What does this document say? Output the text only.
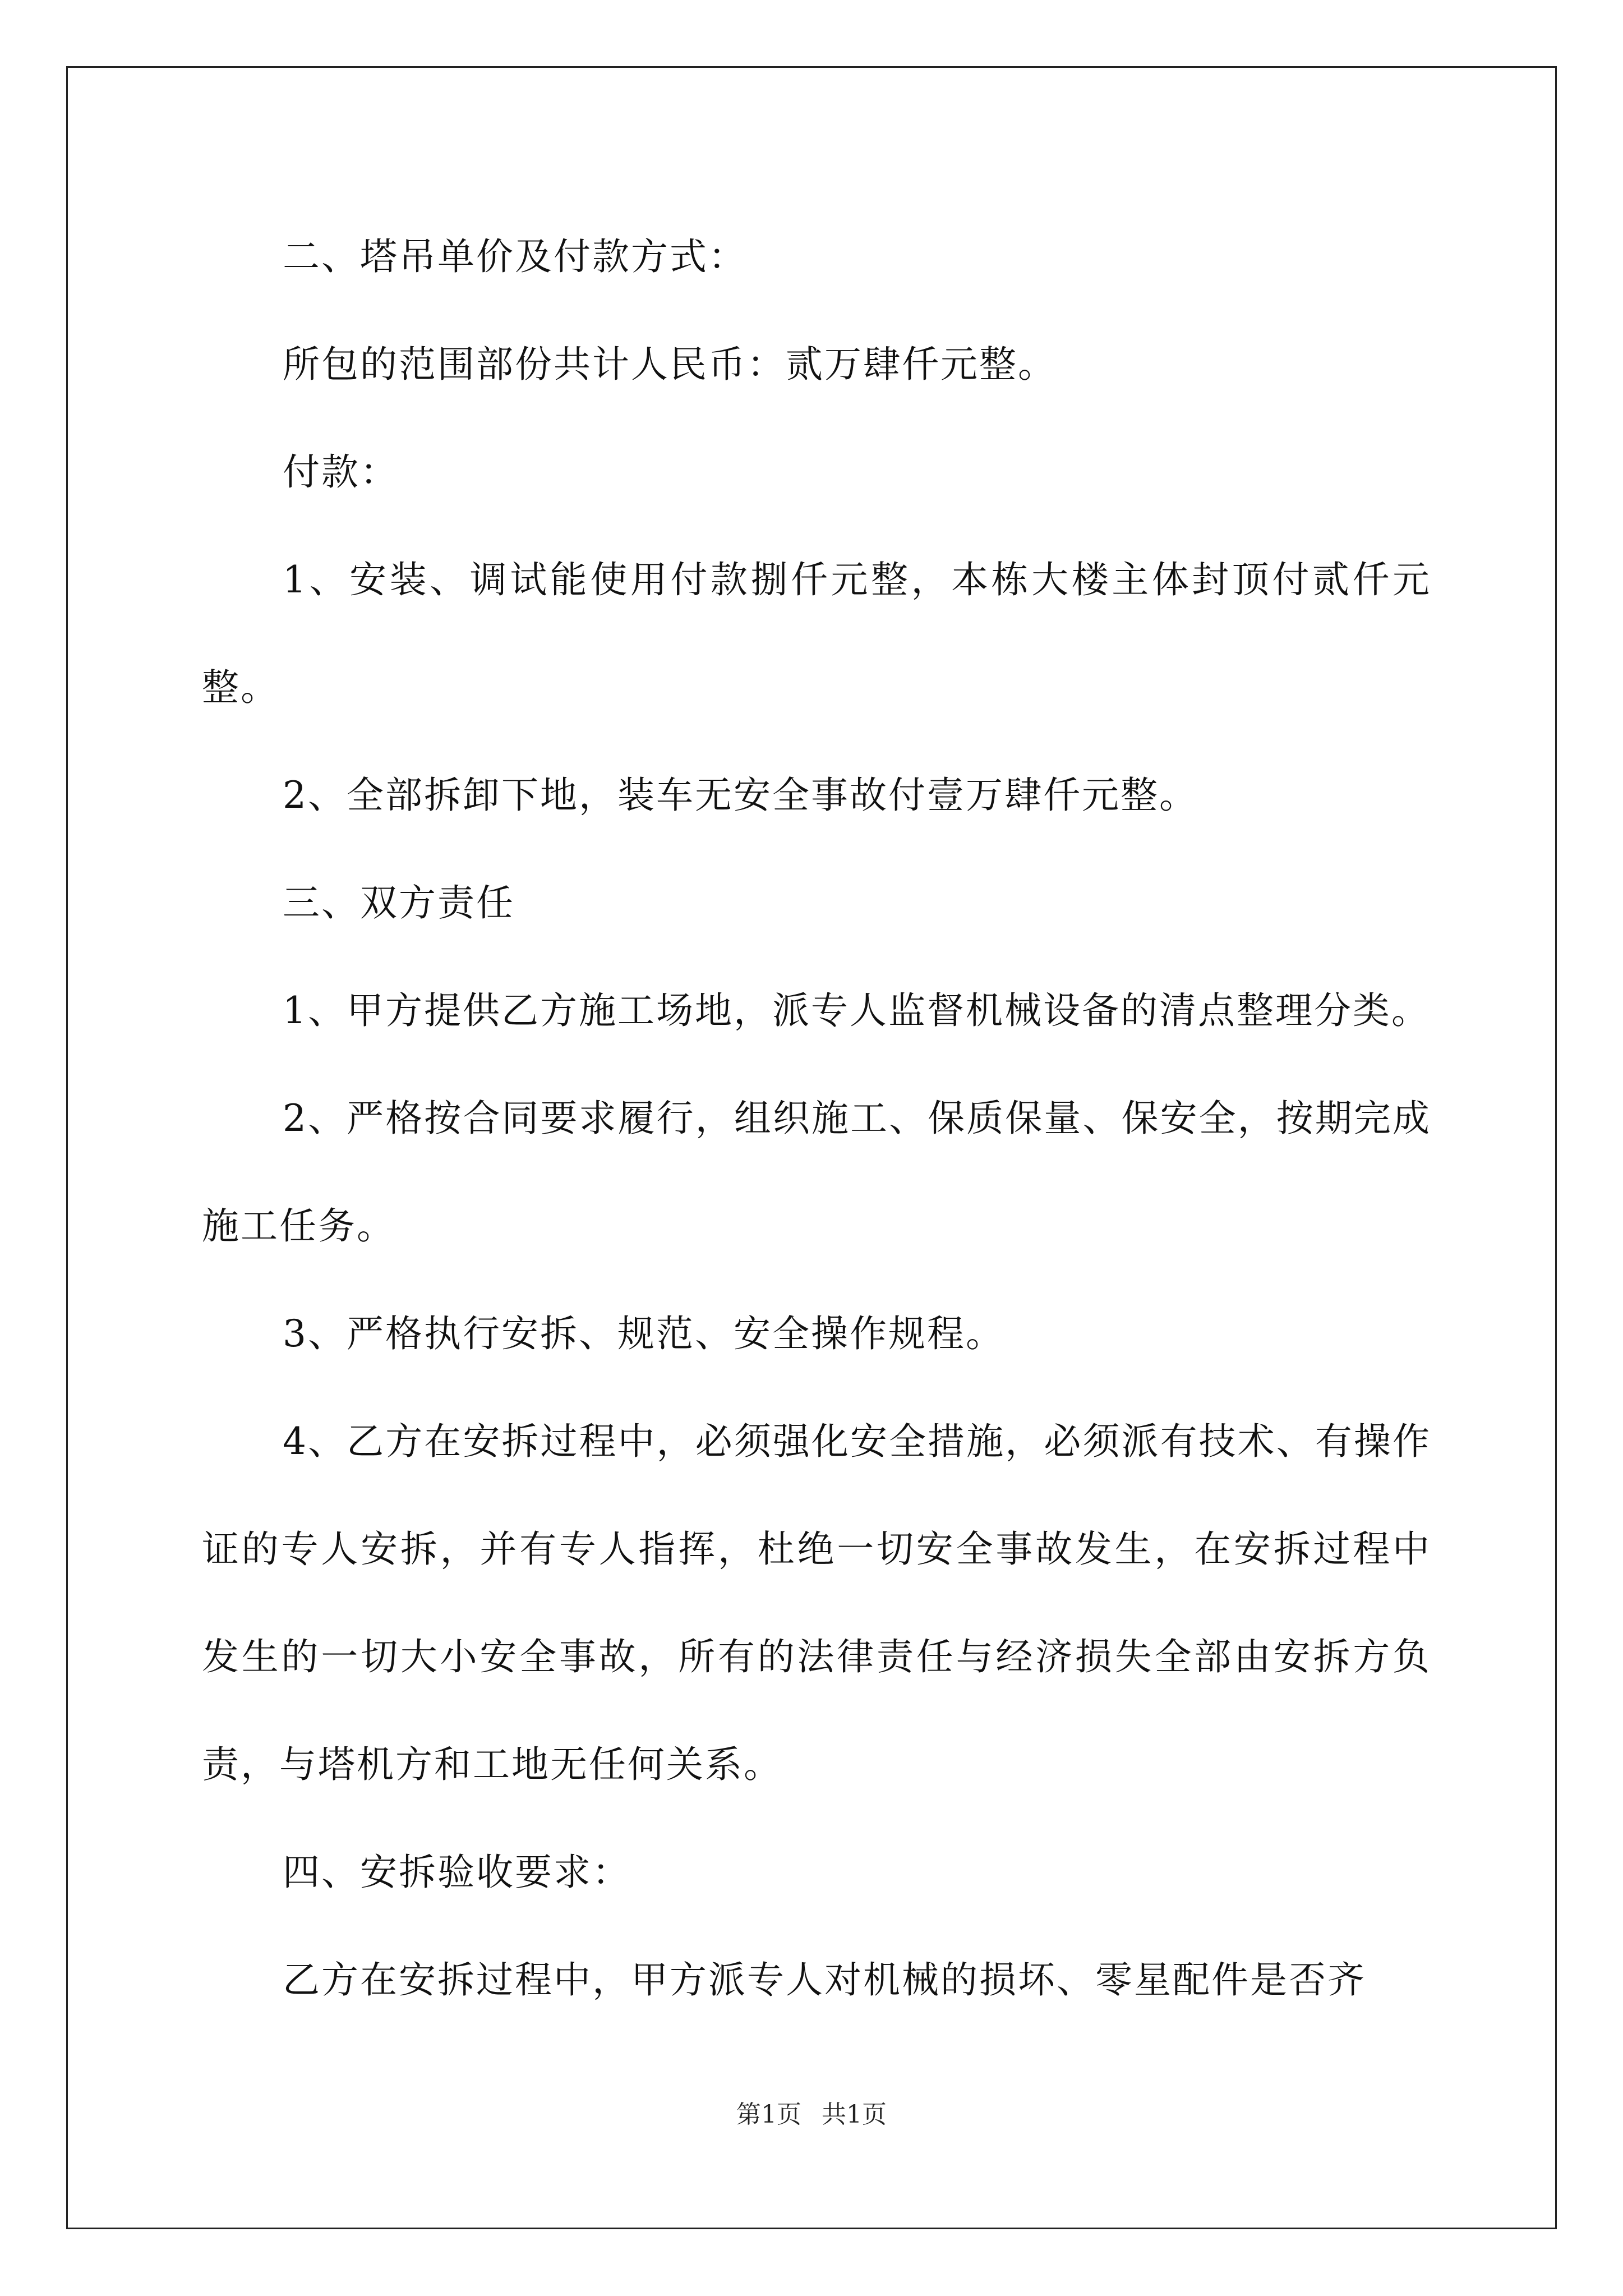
二、塔吊单价及付款方式：

所包的范围部份共计人民币：贰万肆仟元整。

付款：

1、安装、调试能使用付款捌仟元整，本栋大楼主体封顶付贰仟元整。

2、全部拆卸下地，装车无安全事故付壹万肆仟元整。

三、双方责任

1、甲方提供乙方施工场地，派专人监督机械设备的清点整理分类。

2、严格按合同要求履行，组织施工、保质保量、保安全，按期完成施工任务。

3、严格执行安拆、规范、安全操作规程。

4、乙方在安拆过程中，必须强化安全措施，必须派有技术、有操作证的专人安拆，并有专人指挥，杜绝一切安全事故发生，在安拆过程中发生的一切大小安全事故，所有的法律责任与经济损失全部由安拆方负责，与塔机方和工地无任何关系。

四、安拆验收要求：

乙方在安拆过程中，甲方派专人对机械的损坏、零星配件是否齐

第1页 共1页
